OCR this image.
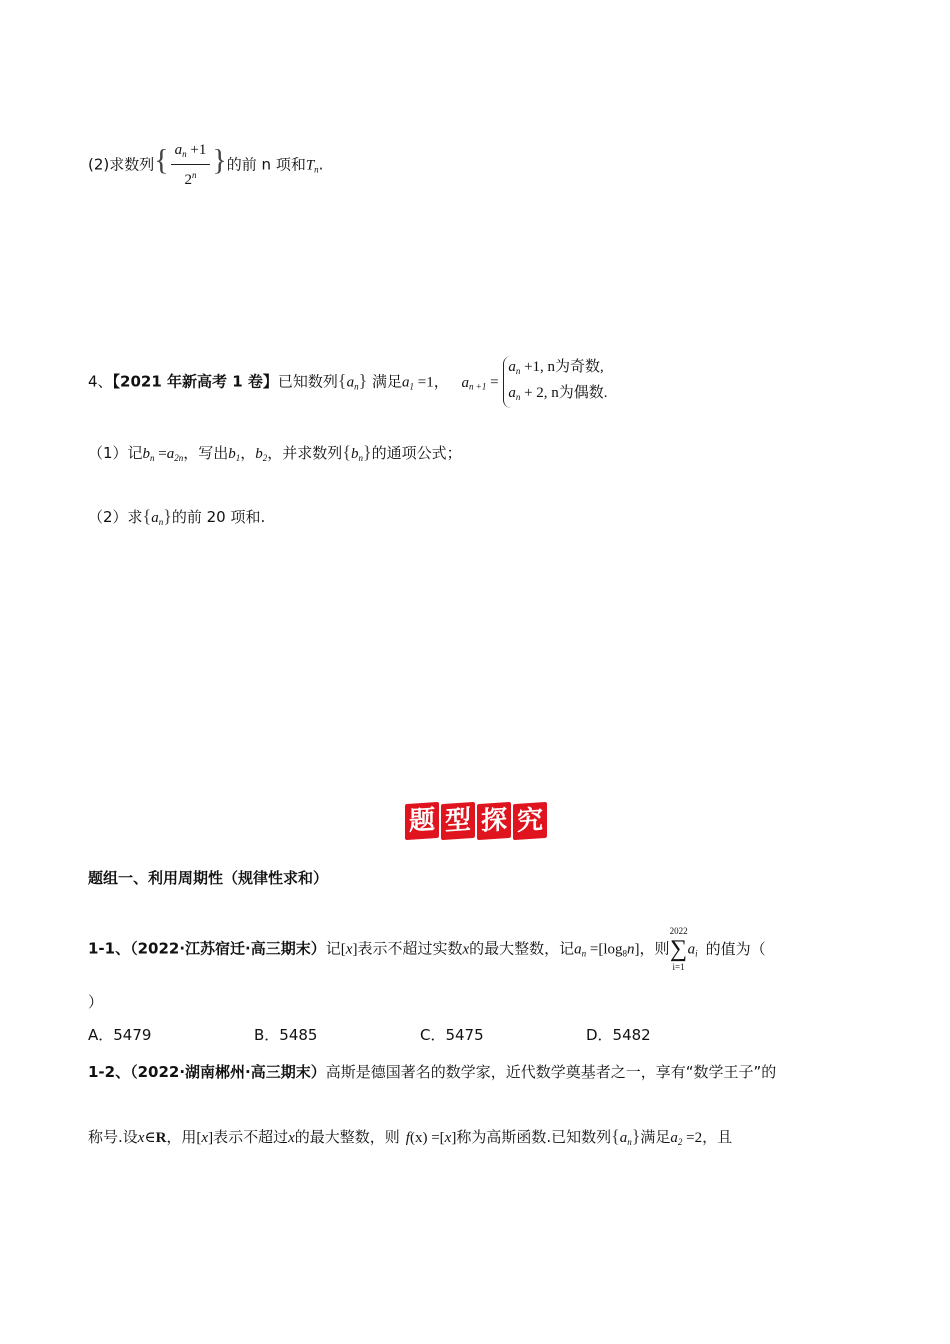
(2)求数列{ $\frac{a_n +1}{2^n}$ }的前 n 项和$T_n$.
4、【2021 年新高考 1 卷】已知数列$\{a_n\}$ 满足$a_1 =1$， $a_{n +1}$ =
$a_n +1$, n为奇数,
$a_n + 2$, n为偶数.
（1）记$b_n =a_{2n}$，写出$b_1$，$b_2$，并求数列$\{b_n\}$的通项公式；
（2）求$\{a_n\}$的前 20 项和.
题 型 探 究
题组一、利用周期性（规律性求和）
1-1、（2022·江苏宿迁·高三期末）记[x]表示不超过实数x的最大整数，记$a_n =[\log_8n]$，则
2022
∑
i=1
$a_i$ 的值为（
）
A．5479	B．5485	C．5475	D．5482
1-2、（2022·湖南郴州·高三期末）高斯是德国著名的数学家，近代数学奠基者之一，享有“数学王子”的
称号.设x∈R，用[x]表示不超过x的最大整数，则 f(x) =[x]称为高斯函数.已知数列$\{a_n\}$满足$a_2 =2$，且
